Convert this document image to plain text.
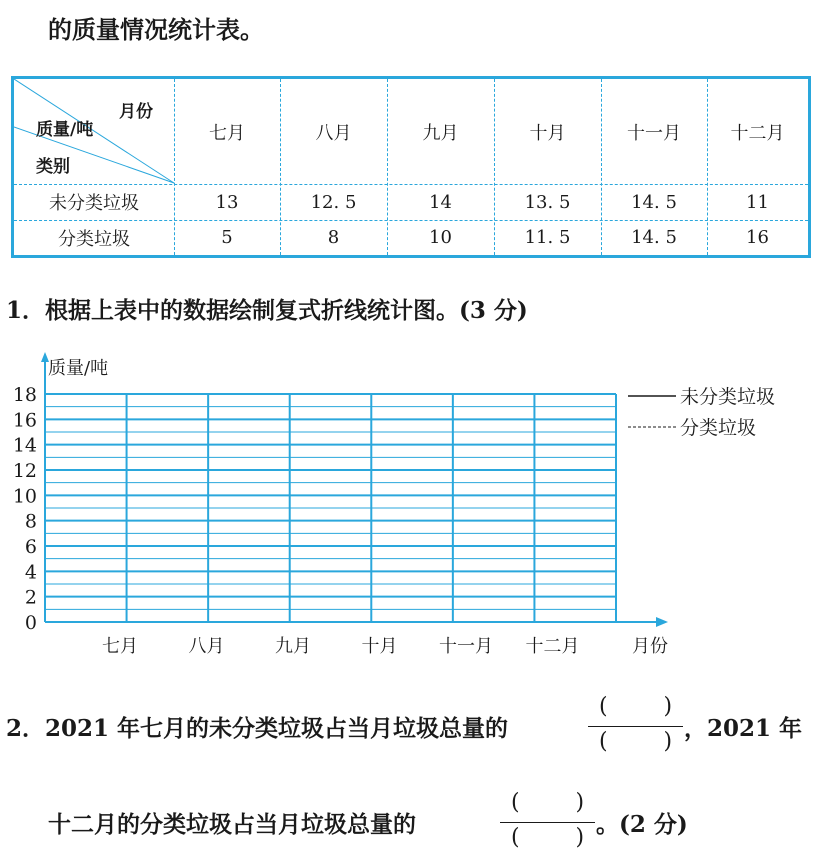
的质量情况统计表。
月份
质量/吨
类别
七月	八月	九月	十月	十一月	十二月
未分类垃圾	13	12. 5	14	13. 5	14. 5	11
分类垃圾	5	8	10	11. 5	14. 5	16
1．根据上表中的数据绘制复式折线统计图。(3 分)
0
2
4
6
8
10
12
14
16
18
七月	八月	九月	十月 十一月 十二月
质量/吨
月份
未分类垃圾
分类垃圾
2．2021 年七月的未分类垃圾占当月垃圾总量的
(        )
(        ) ，2021 年
十二月的分类垃圾占当月垃圾总量的
(        )
(        ) 。(2 分)
